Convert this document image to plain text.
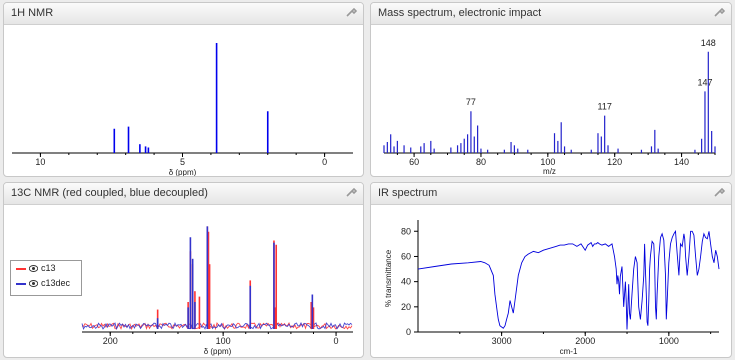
1H NMR
10	5	0
δ (ppm)
Mass spectrum, electronic impact
60	80	100	120	140
m/z
77	117
147
148
13C NMR (red coupled, blue decoupled)
200	100	0
δ (ppm)
c13
c13dec
IR spectrum
0
20
40
60
80
3000	2000	1000
cm-1
% transmittance
